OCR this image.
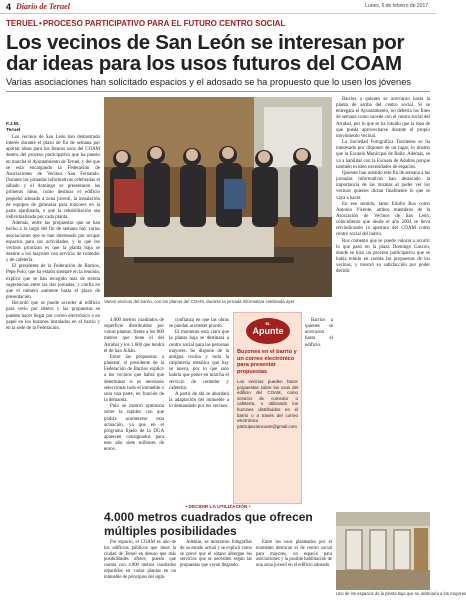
4 Diario de Teruel	Lunes, 6 de febrero de 2017
TERUEL•PROCESO PARTICIPATIVO PARA EL FUTURO CENTRO SOCIAL
Los vecinos de San León se interesan por dar ideas para los usos futuros del COAM
Varias asociaciones han solicitado espacios y el adosado se ha propuesto que lo usen los jóvenes
F.J.M.
Teruel

Los vecinos de San León han demostrado interés durante el plazo de fin de semana por aportar ideas para los futuros usos del COAM dentro del proceso participativo que ha puesto en marcha el Ayuntamiento de Teruel, y del que se está encargando la Federación de Asociaciones de Vecinos San Fernando. Durante las jornadas informativas celebradas el sábado y el domingo se presentaron las primeras ideas, como destinar el edificio pequeño adosado a zona juvenil, la instalación de equipos de gimnasia para mayores en la parte ajardinada, o que la rehabilitación sea individualizada por cada planta.

Además, entre las propuestas que se han hecho a lo largo del fin de semana hay varias asociaciones que se han interesado por ocupar espacios para sus actividades, y lo que los vecinos priorizan es que la planta baja se destine a los mayores con servicio de comedor y de cafetería.

El presidente de la Federación de Barrios, Pepe Polo, que ha estado siempre en la reunión, explicó que se han recogido más de treinta sugerencias entre las dos jornadas, y confía en que el número aumente hasta el plazo de presentación.

Recordó que se puede acceder al edificio para verlo por dentro y las propuestas se pueden hacer llegar por correo electrónico o en papel en los buzones instalados en el barrio y en la sede de la Federación.

Varios vecinos del barrio, con los planos del COAM, durante la jornada informativa celebrada ayer

4.000 metros cuadrados de superficie distribuidos por varias plantas, frente a los 800 metros que tiene el del Arrabal y los 1.600 que tendrá el de San Julián.

Entre las propuestas a plantear, el presidente de la Federación de Barrios explicó a los vecinos que habrá que determinar si es necesario seleccionar todo el inmueble o solo una parte, en función de la demanda.

Polo se mostró optimista sobre la rapidez con que podría acometerse esta actuación, ya que en el programa fijado de la DGA aparecen consignados para este año siete millones de euros.

confianza en que las obras se puedan acometer pronto.

El momento está claro que la planta baja se destinará a centro social para las personas mayores. Se dispone de la antigua cocina y toda la carpintería metálica que hay se nueva, por lo que solo habría que poner en marcha el servicio de comedor y cafetería.

A partir de ahí se abordará la adaptación del inmueble a lo demandado por los vecinos.

Barrios a quienes se acercaron hasta el edificio.

EL
Apunte
Buzones en el barrio y un correo electrónico para presentar propuestas
Los vecinos pueden hacer propuestas sobre los usos del edificio del COAM, como servicio de comedor o cafetería, o utilizando los buzones distribuidos en el barrio o a través del correo electrónico participacioncoam@gmail.com

Barrios a quienes se acercaron hasta la planta de arriba del centro social. Si se entregara el Ayuntamiento, no debería los fines de semana como sucede con el centro social del Arrabal, por lo que se ha intuido que la idea de que pueda aprovecharse durante el propio movimiento vecinal.

La Sociedad Fotográfica Turolense se ha interesado por disponer de un lugar, lo mismo que la Escuela Municipal de Baile. Además, se va a habilitar con la Escuela de Adultos porque también existen necesidades de espacios.

Quienes han asistido este fin de semana a las jornadas informativas han destacado la importancia de las mismas al poder ver los vecinos quienes dictan finalmente lo que se vaya a hacer.

En ese sentido, tanto Emilio Ros como Antonio Vicente, ambos miembros de la Asociación de Vecinos de San León, coincidieron que desde el año 2004 se lleva reivindicando la apertura del COAM como centro social del barrio.

Ros comentó que se puede valorar a ocurrir lo que pasó en la plaza Domingo Gascón, donde se hizo un proceso participativo que se había tenido en cuenta las propuestas de los vecinos, y mostró su satisfacción por poder decidir.

• DECIDIR LA UTILIZACIÓN •
4.000 metros cuadrados que ofrecen múltiples posibilidades

Por espacio, el COAM es uno de los edificios públicos que tiene la ciudad de Teruel en desuso que más posibilidades ofrece, puesto que cuenta con 4.000 metros cuadrados repartidos en varias plantas en un inmueble de principios del siglo.

Además, se mostraron fotografías de su estado actual y se explicó cómo se prevé que el sótano albergue los servicios que se necesiten según las propuestas que vayan llegando.

Entre los usos planteados por el momento destacan el de centro social para mayores, un espacio para asociaciones y la posible habilitación de una zona juvenil en el edificio adosado.

Uno de los espacios de la planta baja que se destinaría a los mayores
